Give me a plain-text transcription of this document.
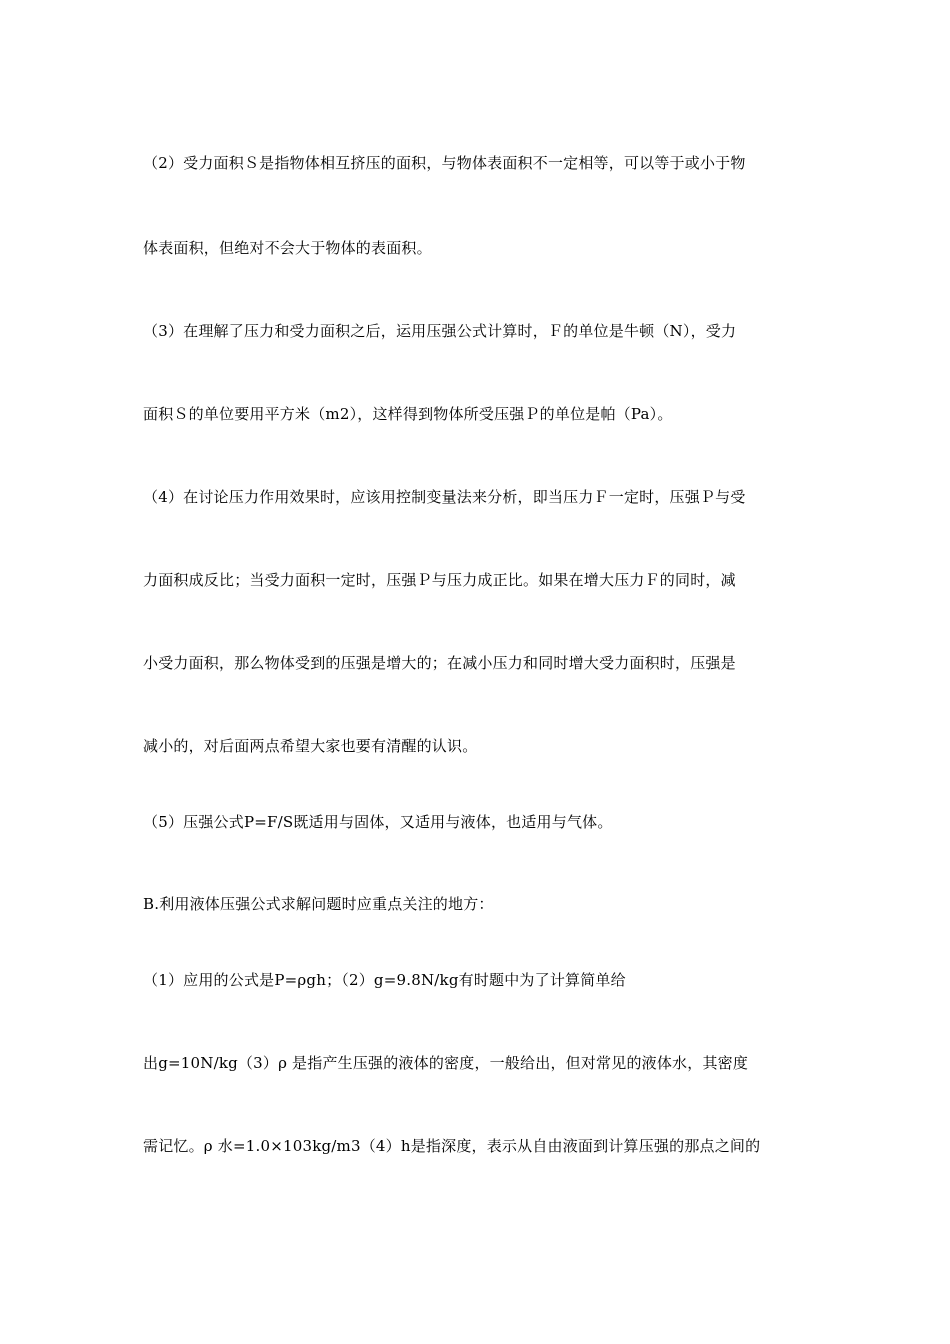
（2）受力面积Ｓ是指物体相互挤压的面积，与物体表面积不一定相等，可以等于或小于物
体表面积，但绝对不会大于物体的表面积。
（3）在理解了压力和受力面积之后，运用压强公式计算时，Ｆ的单位是牛顿（N），受力
面积Ｓ的单位要用平方米（m2），这样得到物体所受压强Ｐ的单位是帕（Pa）。
（4）在讨论压力作用效果时，应该用控制变量法来分析，即当压力Ｆ一定时，压强Ｐ与受
力面积成反比；当受力面积一定时，压强Ｐ与压力成正比。如果在增大压力Ｆ的同时，减
小受力面积，那么物体受到的压强是增大的；在减小压力和同时增大受力面积时，压强是
减小的，对后面两点希望大家也要有清醒的认识。
（5）压强公式P=F/S既适用与固体，又适用与液体，也适用与气体。
B.利用液体压强公式求解问题时应重点关注的地方：
（1）应用的公式是P=ρgh；（2）g=9.8N/kg有时题中为了计算简单给
出g=10N/kg（3）ρ 是指产生压强的液体的密度，一般给出，但对常见的液体水，其密度
需记忆。ρ 水=1.0×103kg/m3（4）h是指深度，表示从自由液面到计算压强的那点之间的
